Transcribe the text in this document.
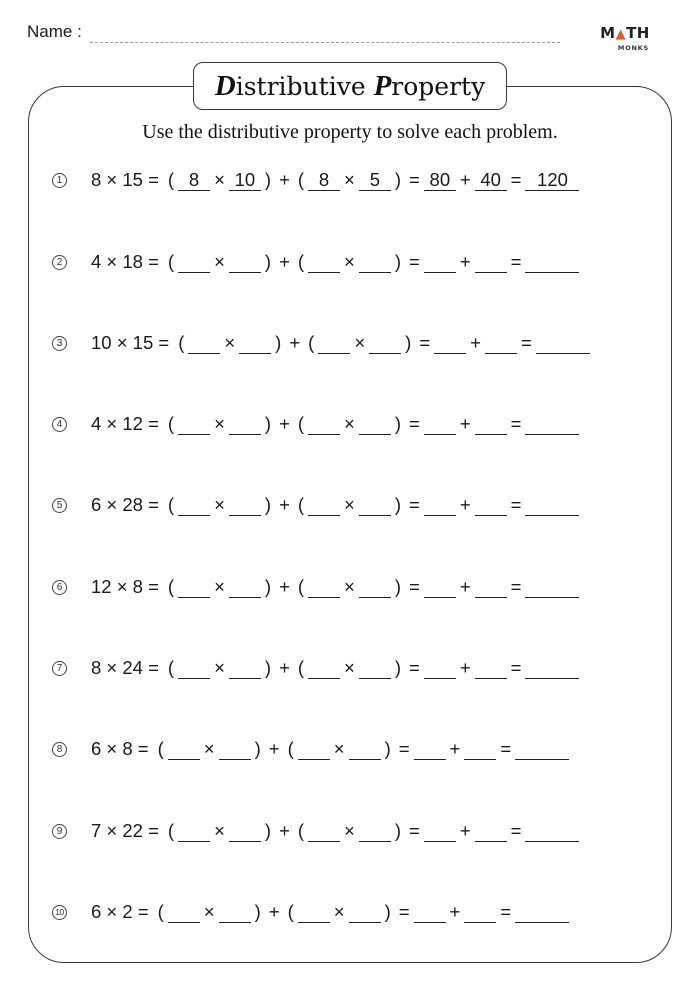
Name :	M▲TH
MONKS
D istributive P roperty
Use the distributive property to solve each problem.
1 8 × 15 = ( 8 × 10 ) + ( 8 × 5 ) = 80 + 40 = 120
2 4 × 18 = ( × ) + ( × ) = + =
3 10 × 15 = ( × ) + ( × ) = + =
4 4 × 12 = ( × ) + ( × ) = + =
5 6 × 28 = ( × ) + ( × ) = + =
6 12 × 8 = ( × ) + ( × ) = + =
7 8 × 24 = ( × ) + ( × ) = + =
8 6 × 8 = ( × ) + ( × ) = + =
9 7 × 22 = ( × ) + ( × ) = + =
10 6 × 2 = ( × ) + ( × ) = + =
